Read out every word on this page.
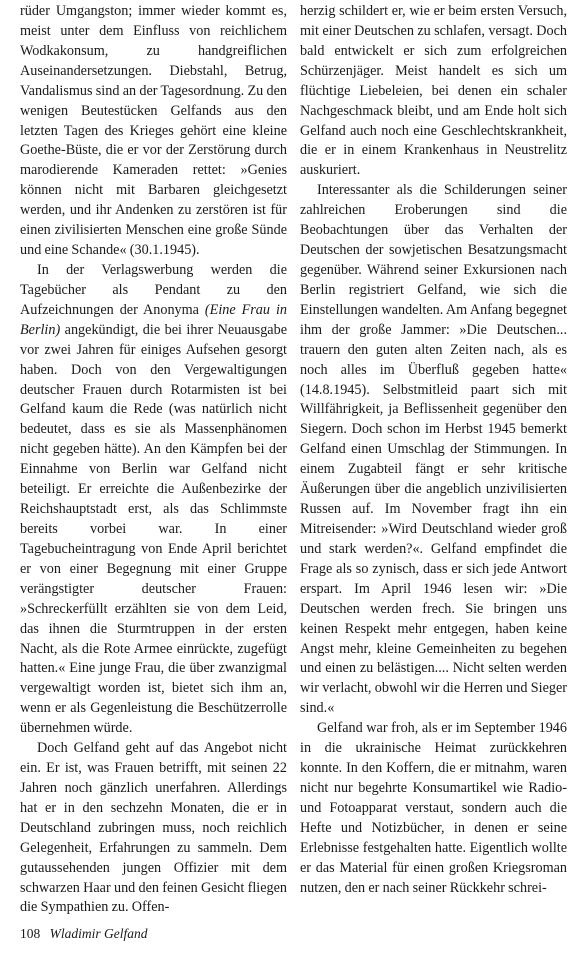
rüder Umgangston; immer wieder kommt es, meist unter dem Einfluss von reichlichem Wodkakonsum, zu handgreiflichen Auseinandersetzungen. Diebstahl, Betrug, Vandalismus sind an der Tagesordnung. Zu den wenigen Beutestücken Gelfands aus den letzten Tagen des Krieges gehört eine kleine Goethe-Büste, die er vor der Zerstörung durch marodierende Kameraden rettet: »Genies können nicht mit Barbaren gleichgesetzt werden, und ihr Andenken zu zerstören ist für einen zivilisierten Menschen eine große Sünde und eine Schande« (30.1.1945).

In der Verlagswerbung werden die Tagebücher als Pendant zu den Aufzeichnungen der Anonyma (Eine Frau in Berlin) angekündigt, die bei ihrer Neuausgabe vor zwei Jahren für einiges Aufsehen gesorgt haben. Doch von den Vergewaltigungen deutscher Frauen durch Rotarmisten ist bei Gelfand kaum die Rede (was natürlich nicht bedeutet, dass es sie als Massenphänomen nicht gegeben hätte). An den Kämpfen bei der Einnahme von Berlin war Gelfand nicht beteiligt. Er erreichte die Außenbezirke der Reichshauptstadt erst, als das Schlimmste bereits vorbei war. In einer Tagebucheintragung von Ende April berichtet er von einer Begegnung mit einer Gruppe verängstigter deutscher Frauen: »Schreckerfüllt erzählten sie von dem Leid, das ihnen die Sturmtruppen in der ersten Nacht, als die Rote Armee einrückte, zugefügt hatten.« Eine junge Frau, die über zwanzigmal vergewaltigt worden ist, bietet sich ihm an, wenn er als Gegenleistung die Beschützerrolle übernehmen würde.

Doch Gelfand geht auf das Angebot nicht ein. Er ist, was Frauen betrifft, mit seinen 22 Jahren noch gänzlich unerfahren. Allerdings hat er in den sechzehn Monaten, die er in Deutschland zubringen muss, noch reichlich Gelegenheit, Erfahrungen zu sammeln. Dem gutaussehenden jungen Offizier mit dem schwarzen Haar und den feinen Gesicht fliegen die Sympathien zu. Offen-

herzig schildert er, wie er beim ersten Versuch, mit einer Deutschen zu schlafen, versagt. Doch bald entwickelt er sich zum erfolgreichen Schürzenjäger. Meist handelt es sich um flüchtige Liebeleien, bei denen ein schaler Nachgeschmack bleibt, und am Ende holt sich Gelfand auch noch eine Geschlechtskrankheit, die er in einem Krankenhaus in Neustrelitz auskuriert.

Interessanter als die Schilderungen seiner zahlreichen Eroberungen sind die Beobachtungen über das Verhalten der Deutschen der sowjetischen Besatzungsmacht gegenüber. Während seiner Exkursionen nach Berlin registriert Gelfand, wie sich die Einstellungen wandelten. Am Anfang begegnet ihm der große Jammer: »Die Deutschen... trauern den guten alten Zeiten nach, als es noch alles im Überfluß gegeben hatte« (14.8.1945). Selbstmitleid paart sich mit Willfährigkeit, ja Beflissenheit gegenüber den Siegern. Doch schon im Herbst 1945 bemerkt Gelfand einen Umschlag der Stimmungen. In einem Zugabteil fängt er sehr kritische Äußerungen über die angeblich unzivilisierten Russen auf. Im November fragt ihn ein Mitreisender: »Wird Deutschland wieder groß und stark werden?«. Gelfand empfindet die Frage als so zynisch, dass er sich jede Antwort erspart. Im April 1946 lesen wir: »Die Deutschen werden frech. Sie bringen uns keinen Respekt mehr entgegen, haben keine Angst mehr, kleine Gemeinheiten zu begehen und einen zu belästigen.... Nicht selten werden wir verlacht, obwohl wir die Herren und Sieger sind.«

Gelfand war froh, als er im September 1946 in die ukrainische Heimat zurückkehren konnte. In den Koffern, die er mitnahm, waren nicht nur begehrte Konsumartikel wie Radio- und Fotoapparat verstaut, sondern auch die Hefte und Notizbücher, in denen er seine Erlebnisse festgehalten hatte. Eigentlich wollte er das Material für einen großen Kriegsroman nutzen, den er nach seiner Rückkehr schrei-

108 Wladimir Gelfand
